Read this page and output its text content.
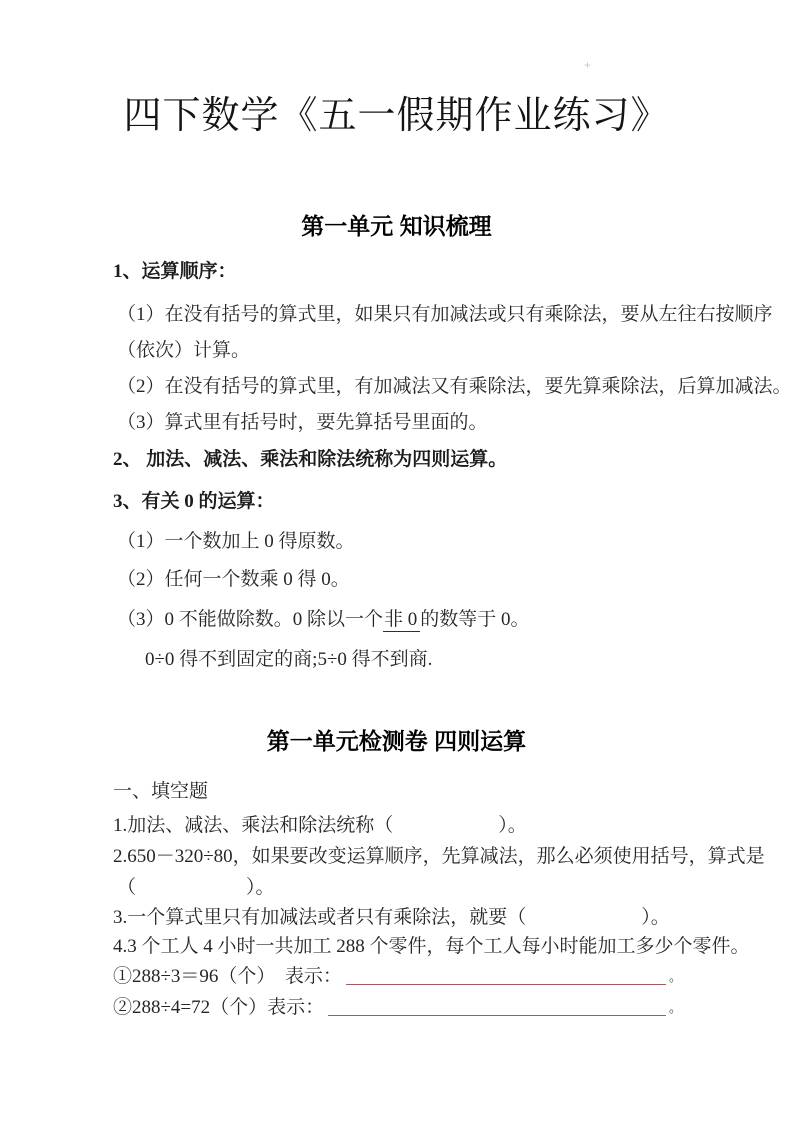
+
四下数学《五一假期作业练习》
第一单元 知识梳理
1、运算顺序：
（1）在没有括号的算式里，如果只有加减法或只有乘除法，要从左往右按顺序
（依次）计算。
（2）在没有括号的算式里，有加减法又有乘除法，要先算乘除法，后算加减法。
（3）算式里有括号时，要先算括号里面的。
2、 加法、减法、乘法和除法统称为四则运算。
3、有关 0 的运算：
（1）一个数加上 0 得原数。
（2）任何一个数乘 0 得 0。
（3）0 不能做除数。0 除以一个非 0 的数等于 0。
0÷0 得不到固定的商;5÷0 得不到商.
第一单元检测卷 四则运算
一、填空题
1.加法、减法、乘法和除法统称（	）。
2.650－320÷80，如果要改变运算顺序，先算减法，那么必须使用括号，算式是
（	）。
3.一个算式里只有加减法或者只有乘除法，就要（	）。
4.3 个工人 4 小时一共加工 288 个零件，每个工人每小时能加工多少个零件。
①288÷3＝96（个）　表示：	。
②288÷4=72（个）表示：	。
